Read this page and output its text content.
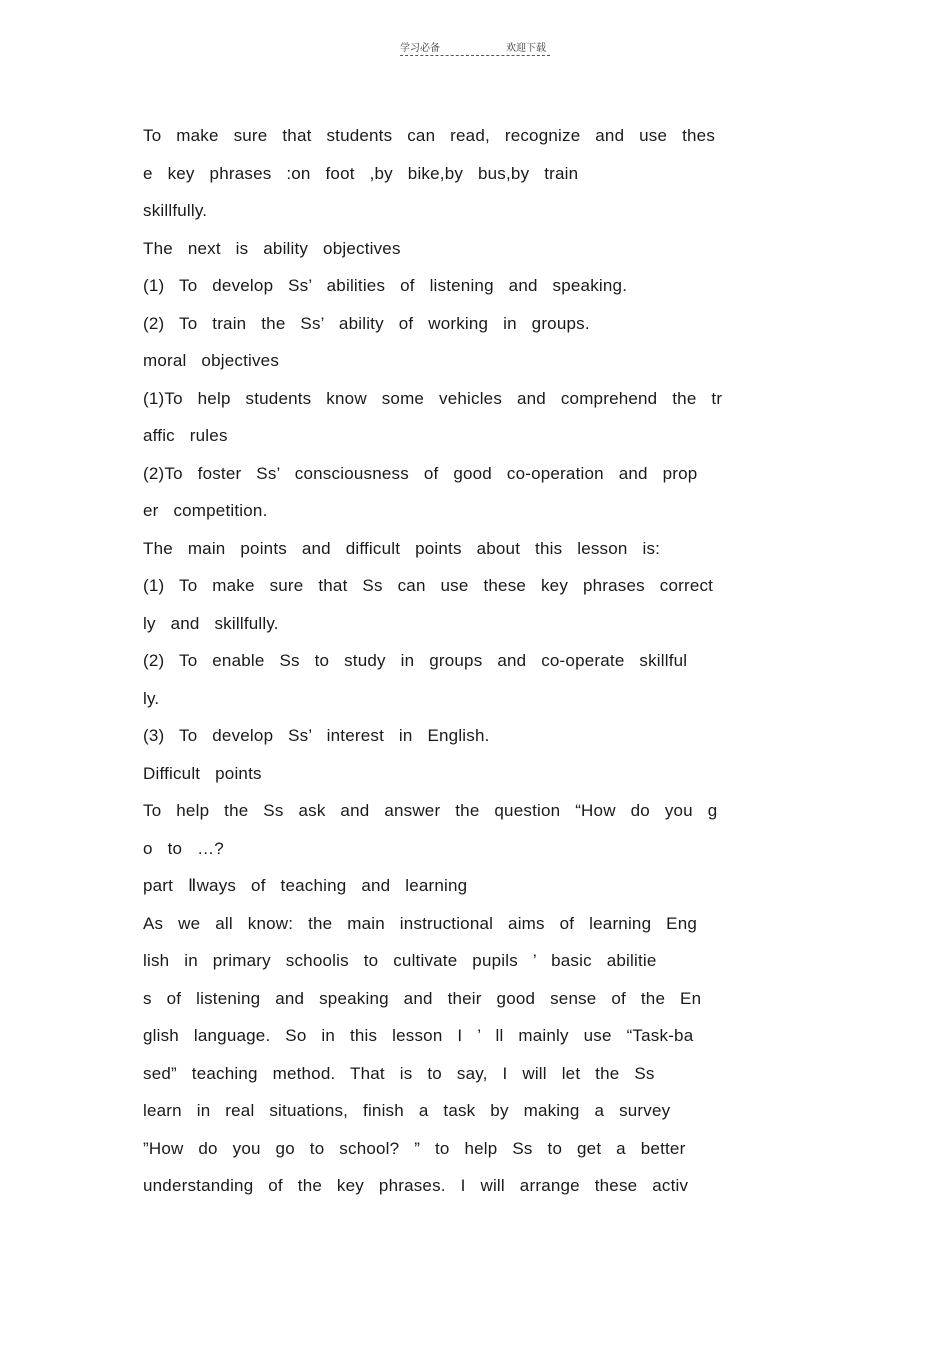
学习必备	欢迎下载
To make sure that students can read, recognize and use thes
e key phrases :on foot ,by bike,by bus,by train
skillfully.
The next is ability objectives
(1) To develop Ss’ abilities of listening and speaking.
(2) To train the Ss’ ability of working in groups.
moral objectives
(1)To help students know some vehicles and comprehend the tr
affic rules
(2)To foster Ss’ consciousness of good co-operation and prop
er competition.
The main points and difficult points about this lesson is:
(1) To make sure that Ss can use these key phrases correct
ly and skillfully.
(2) To enable Ss to study in groups and co-operate skillful
ly.
(3) To develop Ss’ interest in English.
Difficult points
To help the Ss ask and answer the question “How do you g
o to …?
part Ⅱways of teaching and learning
As we all know: the main instructional aims of learning Eng
lish in primary schoolis to cultivate pupils ’ basic abilitie
s of listening and speaking and their good sense of the En
glish language. So in this lesson I ’ ll mainly use “Task-ba
sed” teaching method. That is to say, I will let the Ss
learn in real situations, finish a task by making a survey
”How do you go to school? ” to help Ss to get a better
understanding of the key phrases. I will arrange these activ
